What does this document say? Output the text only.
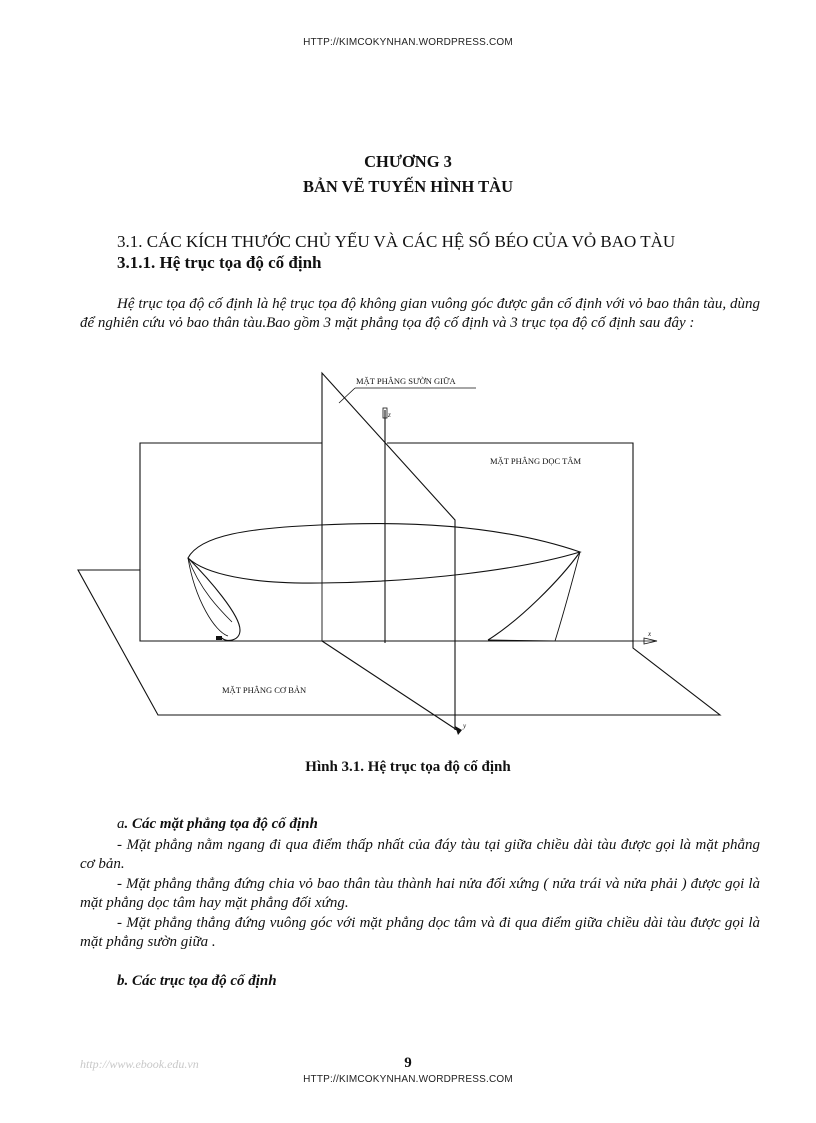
HTTP://KIMCOKYNHAN.WORDPRESS.COM
CHƯƠNG 3
BẢN VẼ TUYẾN HÌNH TÀU
3.1. CÁC KÍCH THƯỚC CHỦ YẾU VÀ CÁC HỆ SỐ BÉO CỦA VỎ BAO TÀU
3.1.1. Hệ trục tọa độ cố định
Hệ trục tọa độ cố định là hệ trục tọa độ không gian vuông góc được gắn cố định với vỏ bao thân tàu, dùng để nghiên cứu vỏ bao thân tàu.Bao gồm 3 mặt phẳng tọa độ cố định và 3 trục tọa độ cố định sau đây :
MẶT PHẲNG SƯỜN GIỮA
MẶT PHẲNG DỌC TÂM
MẶT PHẲNG CƠ BẢN
x
y
z
Hình 3.1. Hệ trục tọa độ cố định
a. Các mặt phẳng tọa độ cố định
- Mặt phẳng nằm ngang đi qua điểm thấp nhất của đáy tàu tại giữa chiều dài tàu được gọi là mặt phẳng cơ bản.
- Mặt phẳng thẳng đứng chia vỏ bao thân tàu thành hai nửa đối xứng ( nửa trái và nửa phải ) được gọi là mặt phẳng dọc tâm hay mặt phẳng đối xứng.
- Mặt phẳng thẳng đứng vuông góc với mặt phẳng dọc tâm và đi qua điểm giữa chiều dài tàu được gọi là mặt phẳng sườn giữa .
b. Các trục tọa độ cố định
http://www.ebook.edu.vn	9
HTTP://KIMCOKYNHAN.WORDPRESS.COM
